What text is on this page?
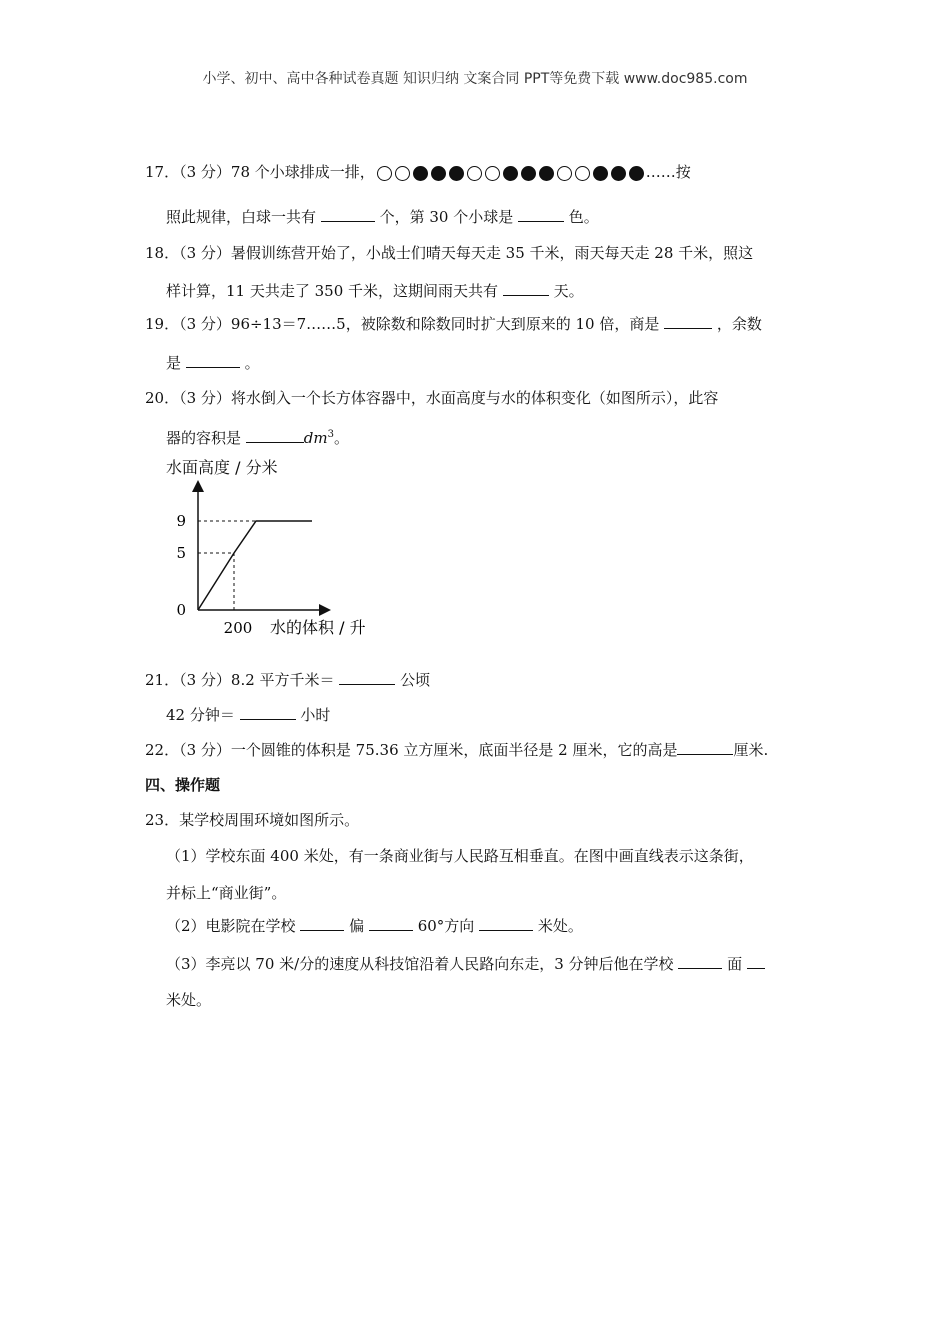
小学、初中、高中各种试卷真题 知识归纳 文案合同 PPT等免费下载 www.doc985.com
17．（3 分）78 个小球排成一排，	……按
照此规律，白球一共有	个，第 30 个小球是	色。
18．（3 分）暑假训练营开始了，小战士们晴天每天走 35 千米，雨天每天走 28 千米，照这
样计算，11 天共走了 350 千米，这期间雨天共有	天。
19．（3 分）96÷13＝7……5，被除数和除数同时扩大到原来的 10 倍，商是	，余数
是	。
20．（3 分）将水倒入一个长方体容器中，水面高度与水的体积变化（如图所示），此容
器的容积是	$dm^3$。
水面高度 / 分米
9
5
0
200 水的体积 / 升
21．（3 分）8.2 平方千米＝	公顷
42 分钟＝	小时
22．（3 分）一个圆锥的体积是 75.36 立方厘米，底面半径是 2 厘米，它的高是	厘米.
四、操作题
23．某学校周围环境如图所示。
（1）学校东面 400 米处，有一条商业街与人民路互相垂直。在图中画直线表示这条街，
并标上“商业街”。
（2）电影院在学校	偏	60°方向	米处。
（3）李亮以 70 米/分的速度从科技馆沿着人民路向东走，3 分钟后他在学校	面
米处。
